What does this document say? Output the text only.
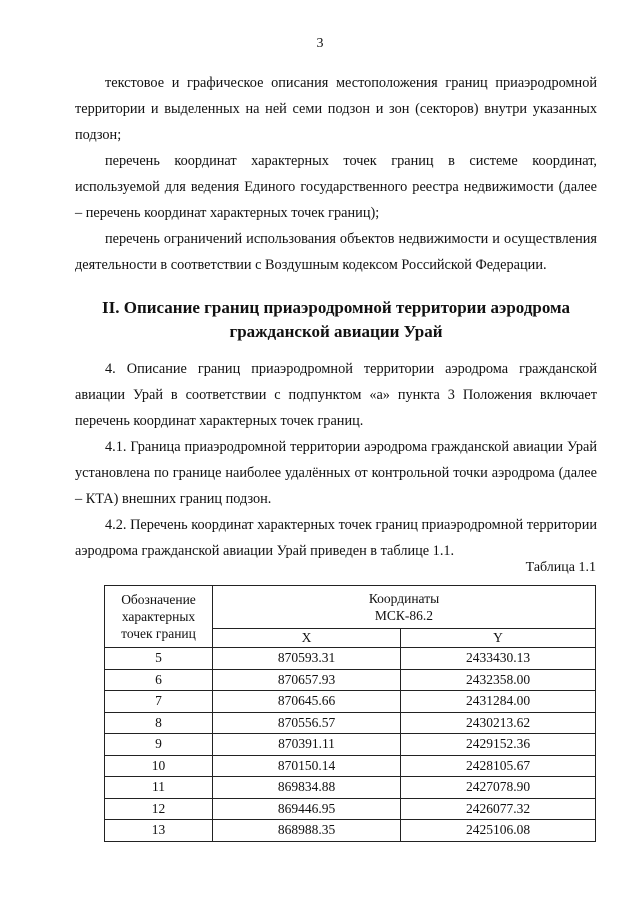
3
текстовое и графическое описания местоположения границ приаэродромной территории и выделенных на ней семи подзон и зон (секторов) внутри указанных подзон;
перечень координат характерных точек границ в системе координат, используемой для ведения Единого государственного реестра недвижимости (далее – перечень координат характерных точек границ);
перечень ограничений использования объектов недвижимости и осуществления деятельности в соответствии с Воздушным кодексом Российской Федерации.
II. Описание границ приаэродромной территории аэродрома
гражданской авиации Урай
4. Описание границ приаэродромной территории аэродрома гражданской авиации Урай в соответствии с подпунктом «а» пункта 3 Положения включает перечень координат характерных точек границ.
4.1. Граница приаэродромной территории аэродрома гражданской авиации Урай установлена по границе наиболее удалённых от контрольной точки аэродрома (далее – КТА) внешних границ подзон.
4.2. Перечень координат характерных точек границ приаэродромной территории аэродрома гражданской авиации Урай приведен в таблице 1.1.
Таблица 1.1
Обозначение характерных точек границ	Координаты
МСК-86.2	

	X	Y
5	870593.31	2433430.13
6	870657.93	2432358.00
7	870645.66	2431284.00
8	870556.57	2430213.62
9	870391.11	2429152.36
10	870150.14	2428105.67
11	869834.88	2427078.90
12	869446.95	2426077.32
13	868988.35	2425106.08
